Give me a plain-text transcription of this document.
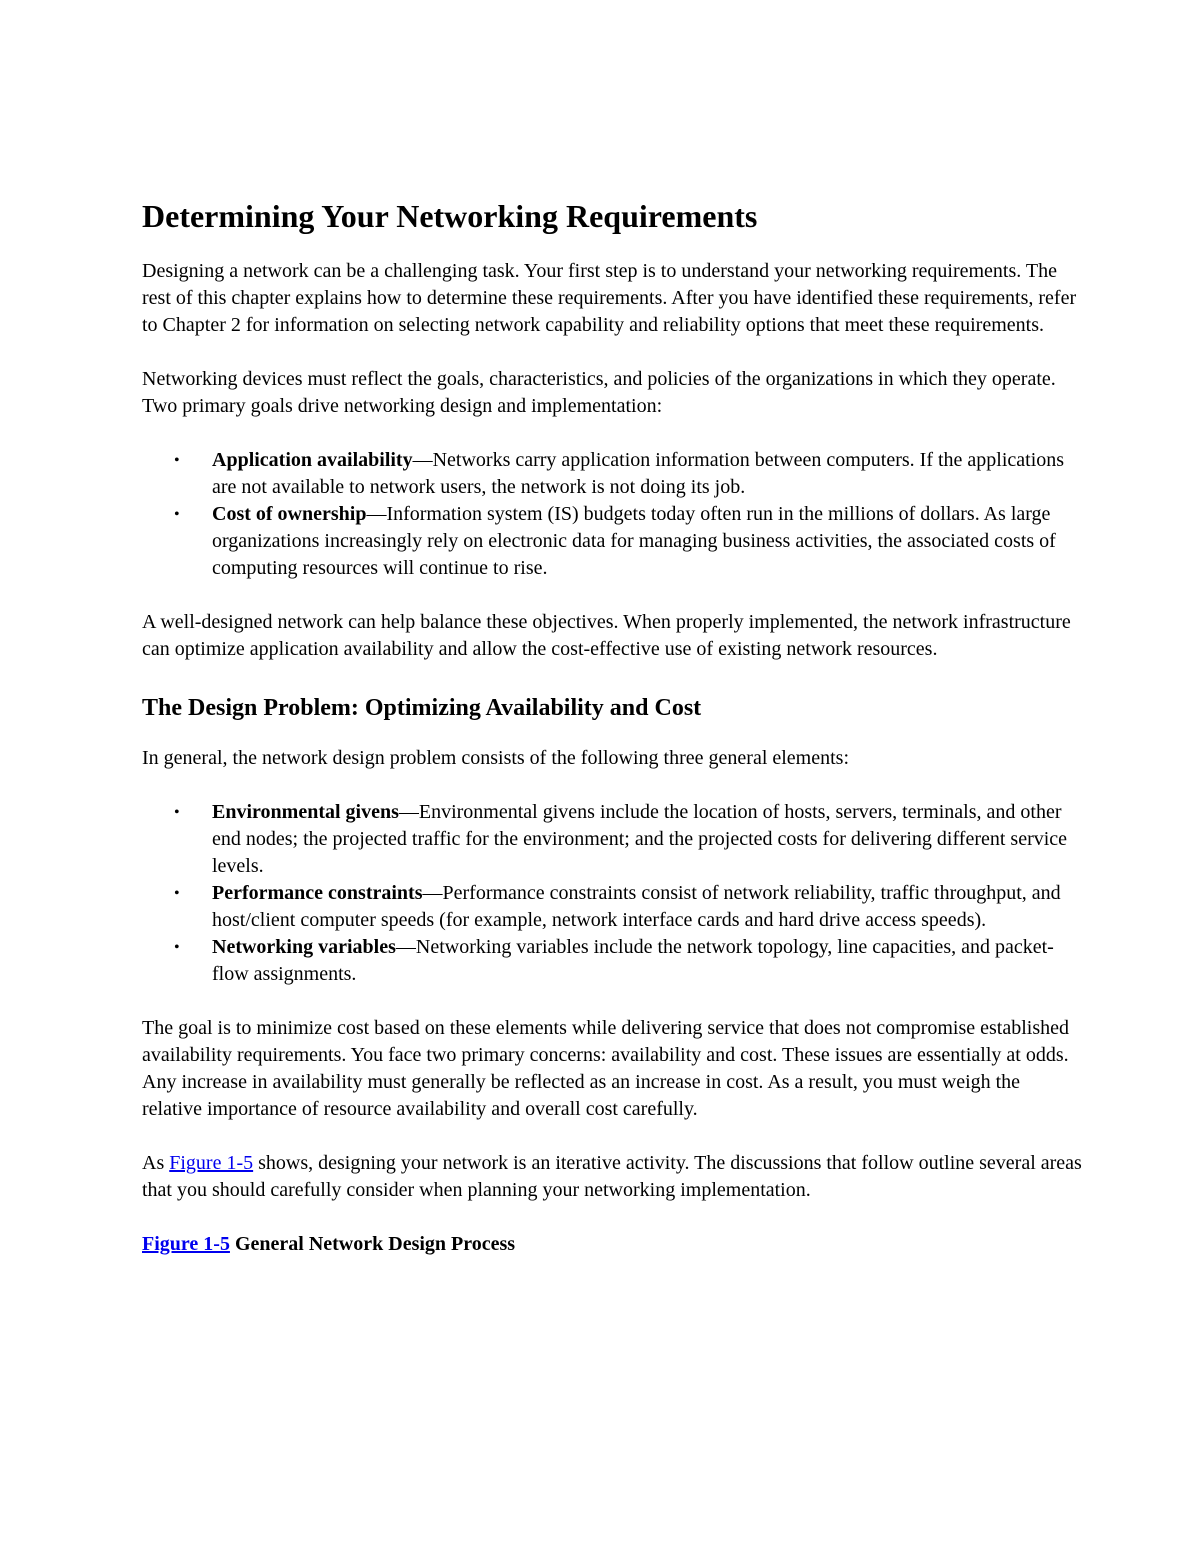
Determining Your Networking Requirements

Designing a network can be a challenging task. Your first step is to understand your networking requirements. The rest of this chapter explains how to determine these requirements. After you have identified these requirements, refer to Chapter 2 for information on selecting network capability and reliability options that meet these requirements.

Networking devices must reflect the goals, characteristics, and policies of the organizations in which they operate. Two primary goals drive networking design and implementation:

• Application availability—Networks carry application information between computers. If the applications are not available to network users, the network is not doing its job.
• Cost of ownership—Information system (IS) budgets today often run in the millions of dollars. As large organizations increasingly rely on electronic data for managing business activities, the associated costs of computing resources will continue to rise.

A well-designed network can help balance these objectives. When properly implemented, the network infrastructure can optimize application availability and allow the cost-effective use of existing network resources.

The Design Problem: Optimizing Availability and Cost

In general, the network design problem consists of the following three general elements:

• Environmental givens—Environmental givens include the location of hosts, servers, terminals, and other end nodes; the projected traffic for the environment; and the projected costs for delivering different service levels.
• Performance constraints—Performance constraints consist of network reliability, traffic throughput, and host/client computer speeds (for example, network interface cards and hard drive access speeds).
• Networking variables—Networking variables include the network topology, line capacities, and packet-flow assignments.

The goal is to minimize cost based on these elements while delivering service that does not compromise established availability requirements. You face two primary concerns: availability and cost. These issues are essentially at odds. Any increase in availability must generally be reflected as an increase in cost. As a result, you must weigh the relative importance of resource availability and overall cost carefully.

As Figure 1-5 shows, designing your network is an iterative activity. The discussions that follow outline several areas that you should carefully consider when planning your networking implementation.

Figure 1-5 General Network Design Process
